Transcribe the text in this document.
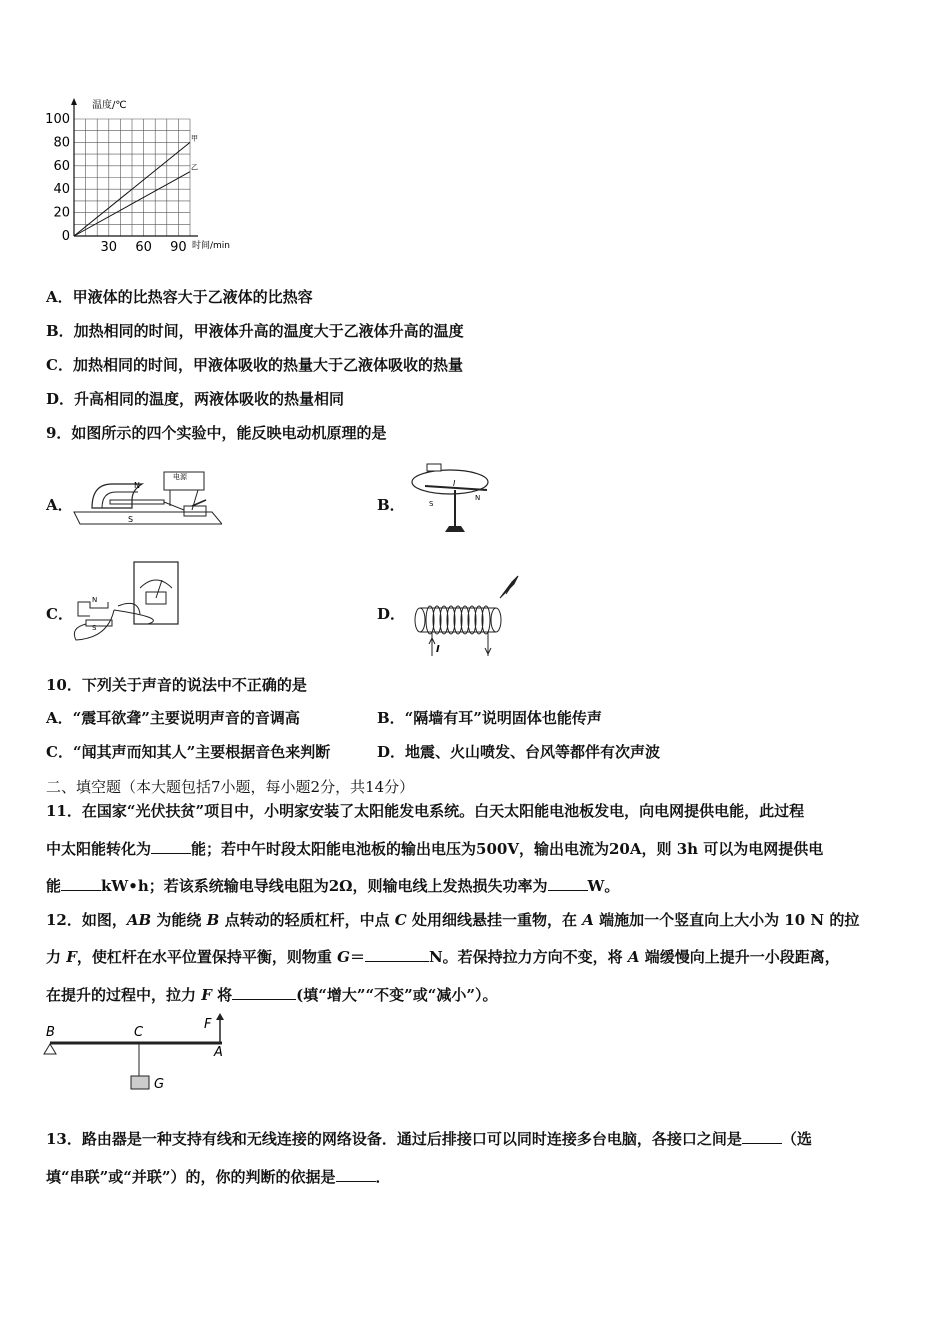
甲
乙
20
40
60
80
100
0
30 60 90
温度/℃
时间/min
A．甲液体的比热容大于乙液体的比热容
B．加热相同的时间，甲液体升高的温度大于乙液体升高的温度
C．加热相同的时间，甲液体吸收的热量大于乙液体吸收的热量
D．升高相同的温度，两液体吸收的热量相同
9．如图所示的四个实验中，能反映电动机原理的是
A．
N
S
电源
B．	N
S
I
C．
N
S
D．
I
10．下列关于声音的说法中不正确的是
A．“震耳欲聋”主要说明声音的音调高	B．“隔墙有耳”说明固体也能传声
C．“闻其声而知其人”主要根据音色来判断	D．地震、火山喷发、台风等都伴有次声波
二、填空题（本大题包括7小题，每小题2分，共14分）
11．在国家“光伏扶贫”项目中，小明家安装了太阳能发电系统。白天太阳能电池板发电，向电网提供电能，此过程
中太阳能转化为	能；若中午时段太阳能电池板的输出电压为500V，输出电流为20A，则 3h 可以为电网提供电
能	kW•h；若该系统输电导线电阻为2Ω，则输电线上发热损失功率为	W。
12．如图，AB 为能绕 B 点转动的轻质杠杆，中点 C 处用细线悬挂一重物，在 A 端施加一个竖直向上大小为 10 N 的拉
力 F，使杠杆在水平位置保持平衡，则物重 G＝	N。若保持拉力方向不变，将 A 端缓慢向上提升一小段距离，
在提升的过程中，拉力 F 将	(填“增大”“不变”或“减小”）。
B	C
F
A
G
13．路由器是一种支持有线和无线连接的网络设备．通过后排接口可以同时连接多台电脑，各接口之间是	（选
填“串联”或“并联”）的，你的判断的依据是	．
